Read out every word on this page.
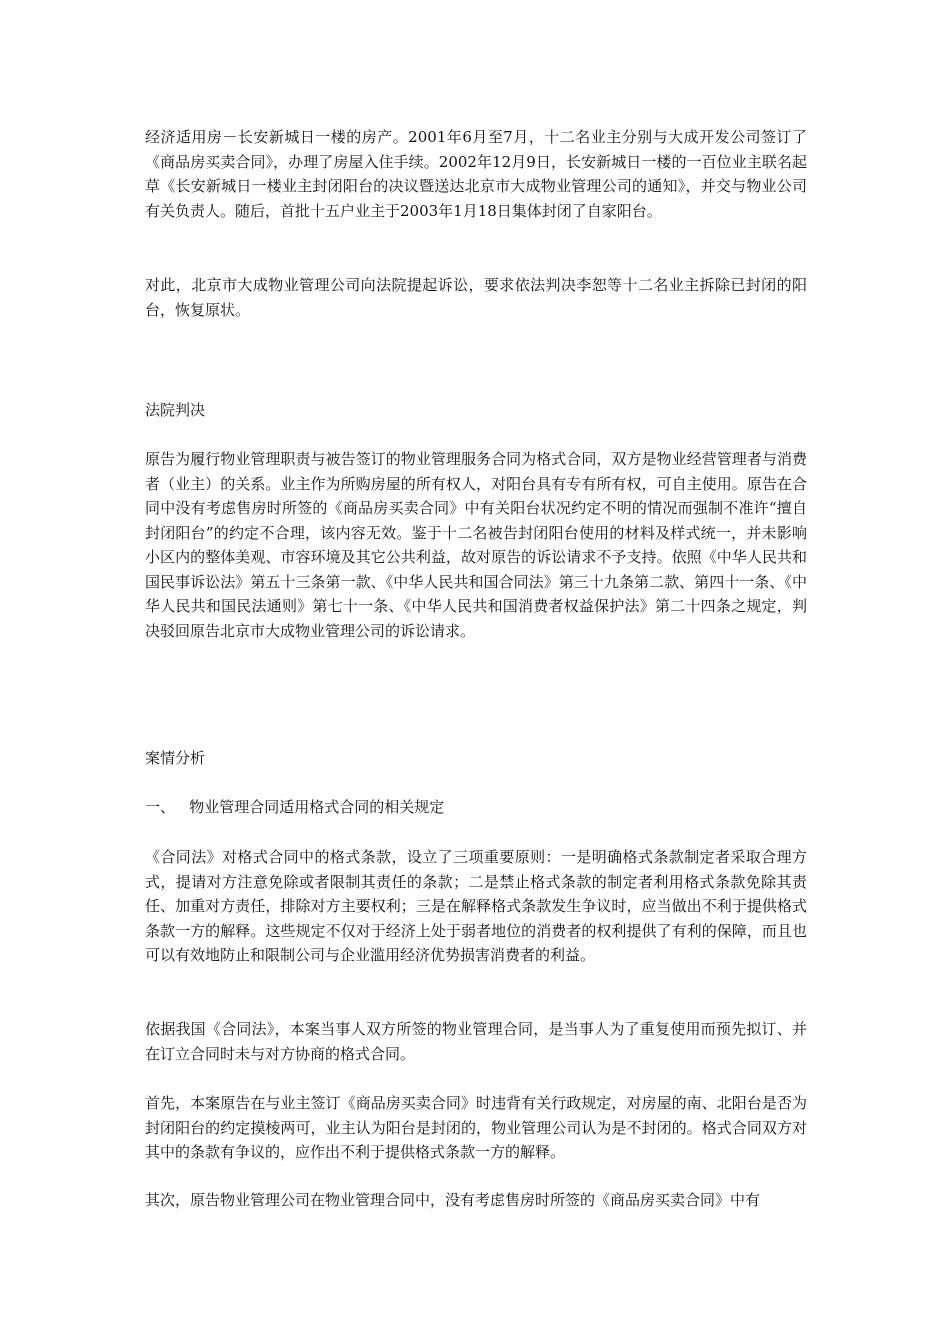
经济适用房－长安新城日一楼的房产。2001年6月至7月，十二名业主分别与大成开发公司签订了《商品房买卖合同》，办理了房屋入住手续。2002年12月9日，长安新城日一楼的一百位业主联名起草《长安新城日一楼业主封闭阳台的决议暨送达北京市大成物业管理公司的通知》，并交与物业公司有关负责人。随后，首批十五户业主于2003年1月18日集体封闭了自家阳台。

对此，北京市大成物业管理公司向法院提起诉讼，要求依法判决李恕等十二名业主拆除已封闭的阳台，恢复原状。

法院判决

原告为履行物业管理职责与被告签订的物业管理服务合同为格式合同，双方是物业经营管理者与消费者（业主）的关系。业主作为所购房屋的所有权人，对阳台具有专有所有权，可自主使用。原告在合同中没有考虑售房时所签的《商品房买卖合同》中有关阳台状况约定不明的情况而强制不准许“擅自封闭阳台”的约定不合理，该内容无效。鉴于十二名被告封闭阳台使用的材料及样式统一，并未影响小区内的整体美观、市容环境及其它公共利益，故对原告的诉讼请求不予支持。依照《中华人民共和国民事诉讼法》第五十三条第一款、《中华人民共和国合同法》第三十九条第二款、第四十一条、《中华人民共和国民法通则》第七十一条、《中华人民共和国消费者权益保护法》第二十四条之规定，判决驳回原告北京市大成物业管理公司的诉讼请求。

案情分析

一、   物业管理合同适用格式合同的相关规定

《合同法》对格式合同中的格式条款，设立了三项重要原则：一是明确格式条款制定者采取合理方式，提请对方注意免除或者限制其责任的条款；二是禁止格式条款的制定者利用格式条款免除其责任、加重对方责任，排除对方主要权利；三是在解释格式条款发生争议时，应当做出不利于提供格式条款一方的解释。这些规定不仅对于经济上处于弱者地位的消费者的权利提供了有利的保障，而且也可以有效地防止和限制公司与企业滥用经济优势损害消费者的利益。

依据我国《合同法》，本案当事人双方所签的物业管理合同，是当事人为了重复使用而预先拟订、并在订立合同时未与对方协商的格式合同。

首先，本案原告在与业主签订《商品房买卖合同》时违背有关行政规定，对房屋的南、北阳台是否为封闭阳台的约定摸棱两可，业主认为阳台是封闭的，物业管理公司认为是不封闭的。格式合同双方对其中的条款有争议的，应作出不利于提供格式条款一方的解释。

其次，原告物业管理公司在物业管理合同中，没有考虑售房时所签的《商品房买卖合同》中有
